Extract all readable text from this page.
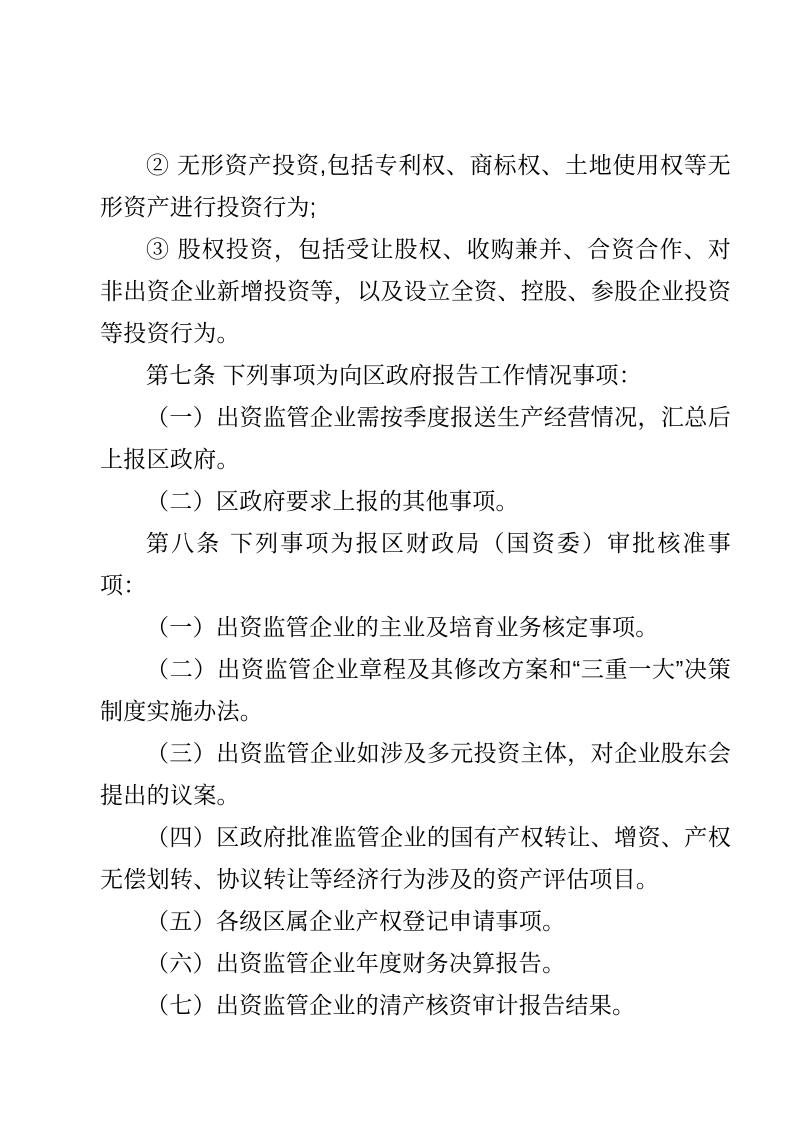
② 无形资产投资,包括专利权、商标权、土地使用权等无形资产进行投资行为;

③ 股权投资，包括受让股权、收购兼并、合资合作、对非出资企业新增投资等，以及设立全资、控股、参股企业投资等投资行为。

第七条 下列事项为向区政府报告工作情况事项：

（一）出资监管企业需按季度报送生产经营情况，汇总后上报区政府。

（二）区政府要求上报的其他事项。

第八条 下列事项为报区财政局（国资委）审批核准事项：

（一）出资监管企业的主业及培育业务核定事项。

（二）出资监管企业章程及其修改方案和“三重一大”决策制度实施办法。

（三）出资监管企业如涉及多元投资主体，对企业股东会提出的议案。

（四）区政府批准监管企业的国有产权转让、增资、产权无偿划转、协议转让等经济行为涉及的资产评估项目。

（五）各级区属企业产权登记申请事项。

（六）出资监管企业年度财务决算报告。

（七）出资监管企业的清产核资审计报告结果。
